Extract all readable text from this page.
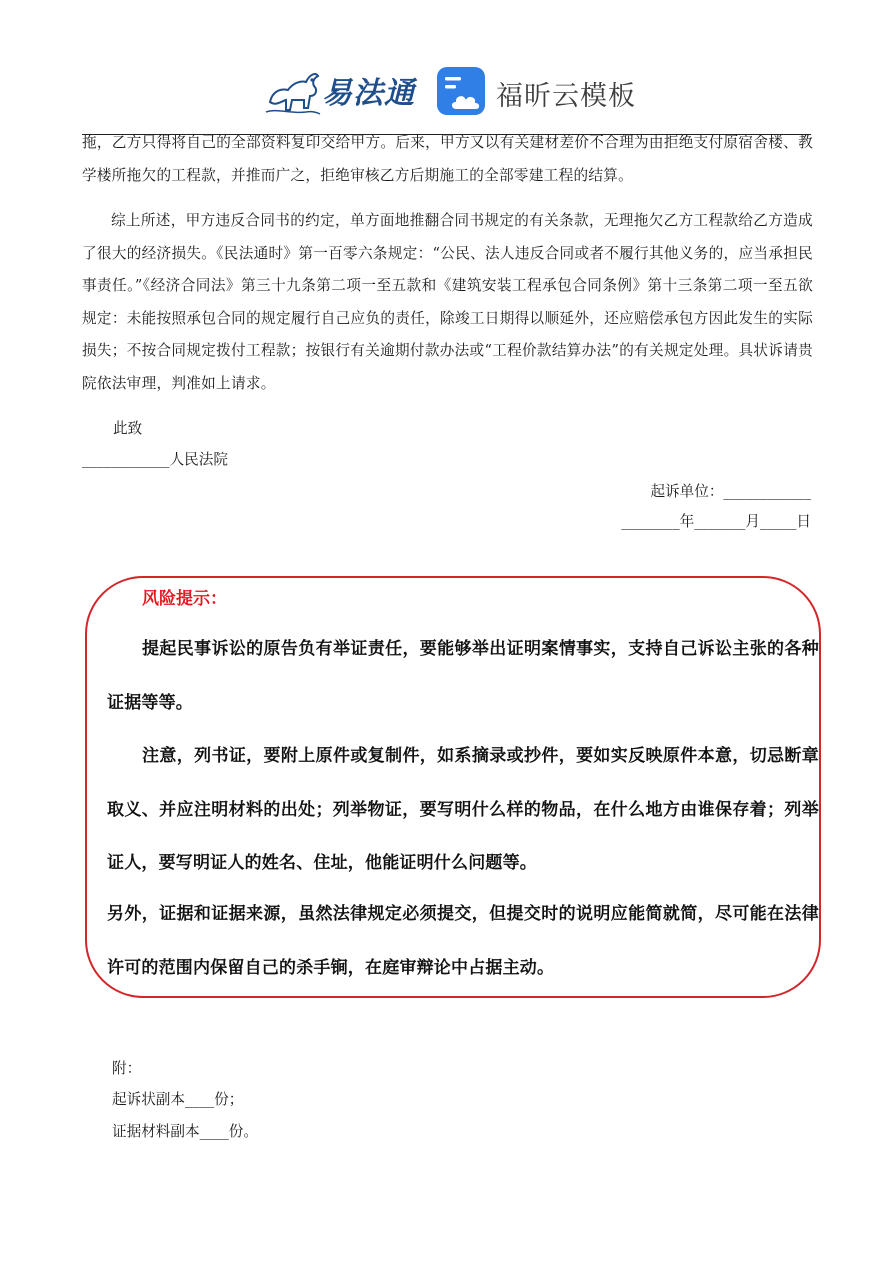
易法通	福昕云模板

拖，乙方只得将自己的全部资料复印交给甲方。后来，甲方又以有关建材差价不合理为由拒绝支付原宿舍楼、教学楼所拖欠的工程款，并推而广之，拒绝审核乙方后期施工的全部零建工程的结算。

综上所述，甲方违反合同书的约定，单方面地推翻合同书规定的有关条款，无理拖欠乙方工程款给乙方造成了很大的经济损失。《民法通时》第一百零六条规定：“公民、法人违反合同或者不履行其他义务的，应当承担民事责任。”《经济合同法》第三十九条第二项一至五款和《建筑安装工程承包合同条例》第十三条第二项一至五欲规定：未能按照承包合同的规定履行自己应负的责任，除竣工日期得以顺延外，还应赔偿承包方因此发生的实际损失；不按合同规定拨付工程款；按银行有关逾期付款办法或“工程价款结算办法”的有关规定处理。具状诉请贵院依法审理，判准如上请求。

此致
____________人民法院
起诉单位：____________
________年_______月_____日
风险提示：

提起民事诉讼的原告负有举证责任，要能够举出证明案情事实，支持自己诉讼主张的各种证据等等。

注意，列书证，要附上原件或复制件，如系摘录或抄件，要如实反映原件本意，切忌断章取义、并应注明材料的出处；列举物证，要写明什么样的物品，在什么地方由谁保存着；列举证人，要写明证人的姓名、住址，他能证明什么问题等。

另外，证据和证据来源，虽然法律规定必须提交，但提交时的说明应能简就简，尽可能在法律许可的范围内保留自己的杀手锏，在庭审辩论中占据主动。

附：
起诉状副本____份；
证据材料副本____份。
